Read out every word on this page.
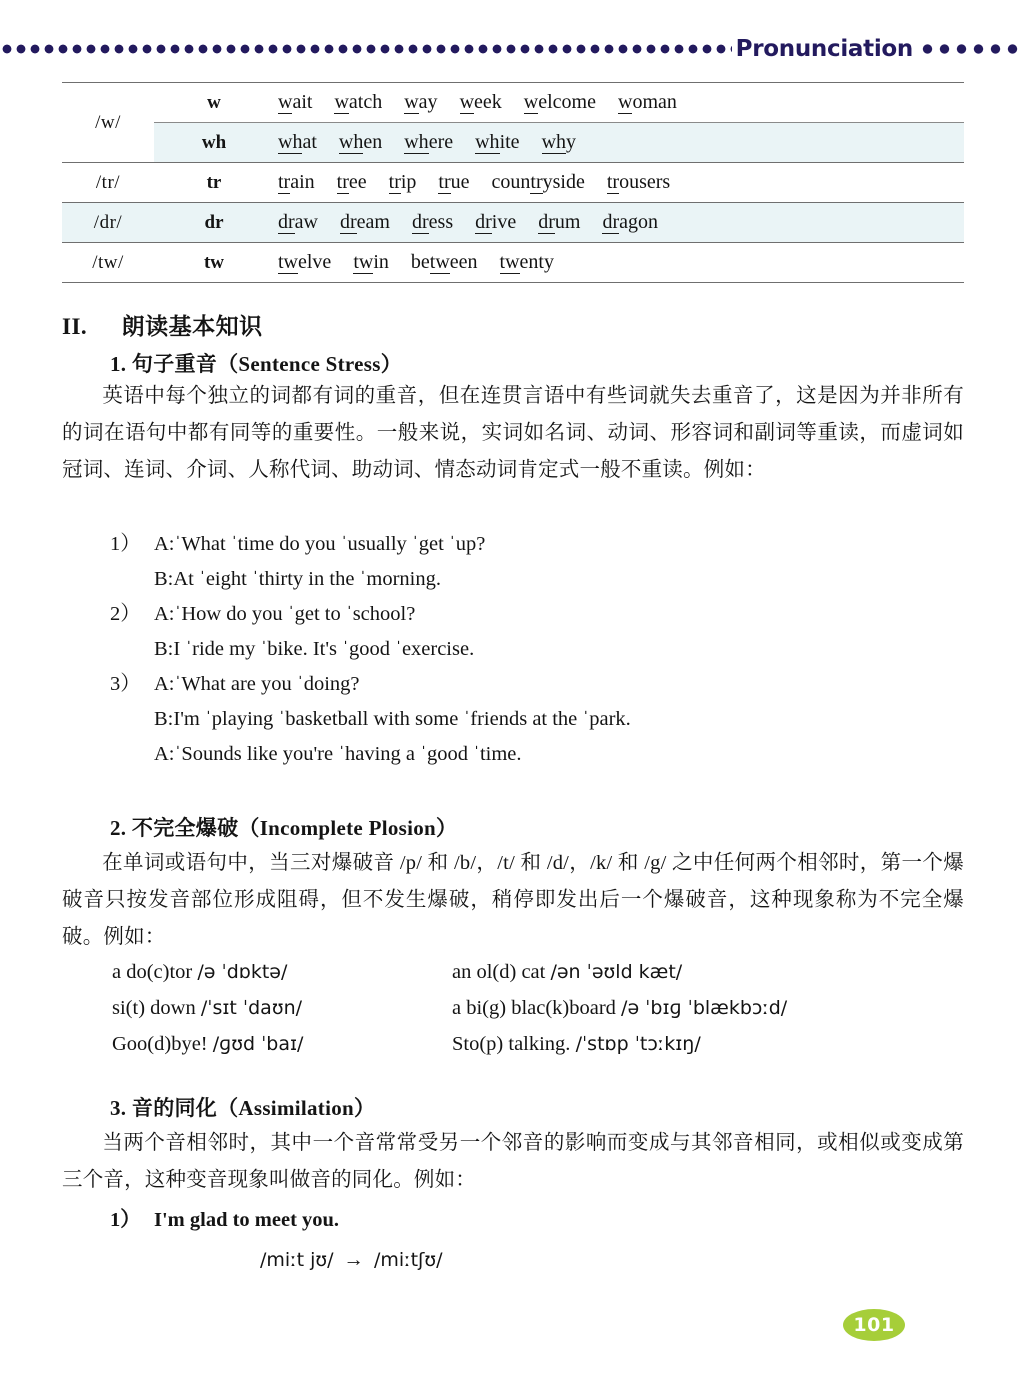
Pronunciation
/w/	w	wait watch way week welcome woman
	wh	what when where white why
/tr/	tr	train tree trip true countryside trousers
/dr/	dr	draw dream dress drive drum dragon
/tw/	tw	twelve twin between twenty
II. 朗读基本知识
1. 句子重音（Sentence Stress）
英语中每个独立的词都有词的重音，但在连贯言语中有些词就失去重音了，这是因为并非所有的词在语句中都有同等的重要性。一般来说，实词如名词、动词、形容词和副词等重读，而虚词如冠词、连词、介词、人称代词、助动词、情态动词肯定式一般不重读。例如：
1） A: ˈWhat ˈtime do you ˈusually ˈget ˈup?
B: At ˈeight ˈthirty in the ˈmorning.
2） A: ˈHow do you ˈget to ˈschool?
B: I ˈride my ˈbike. It's ˈgood ˈexercise.
3） A: ˈWhat are you ˈdoing?
B: I'm ˈplaying ˈbasketball with some ˈfriends at the ˈpark.
A: ˈSounds like you're ˈhaving a ˈgood ˈtime.
2. 不完全爆破（Incomplete Plosion）
在单词或语句中，当三对爆破音 /p/ 和 /b/，/t/ 和 /d/，/k/ 和 /g/ 之中任何两个相邻时，第一个爆破音只按发音部位形成阻碍，但不发生爆破，稍停即发出后一个爆破音，这种现象称为不完全爆破。例如：
a do(c)tor /ə ˈdɒktə/	an ol(d) cat /ən ˈəʊld kæt/
si(t) down /ˈsɪt ˈdaʊn/	a bi(g) blac(k)board /ə ˈbɪɡ ˈblækbɔːd/
Goo(d)bye! /ɡʊd ˈbaɪ/	Sto(p) talking. /ˈstɒp ˈtɔːkɪŋ/
3. 音的同化（Assimilation）
当两个音相邻时，其中一个音常常受另一个邻音的影响而变成与其邻音相同，或相似或变成第三个音，这种变音现象叫做音的同化。例如：
1） I'm glad to meet you.
/miːt jʊ/ → /miːtʃʊ/
101
